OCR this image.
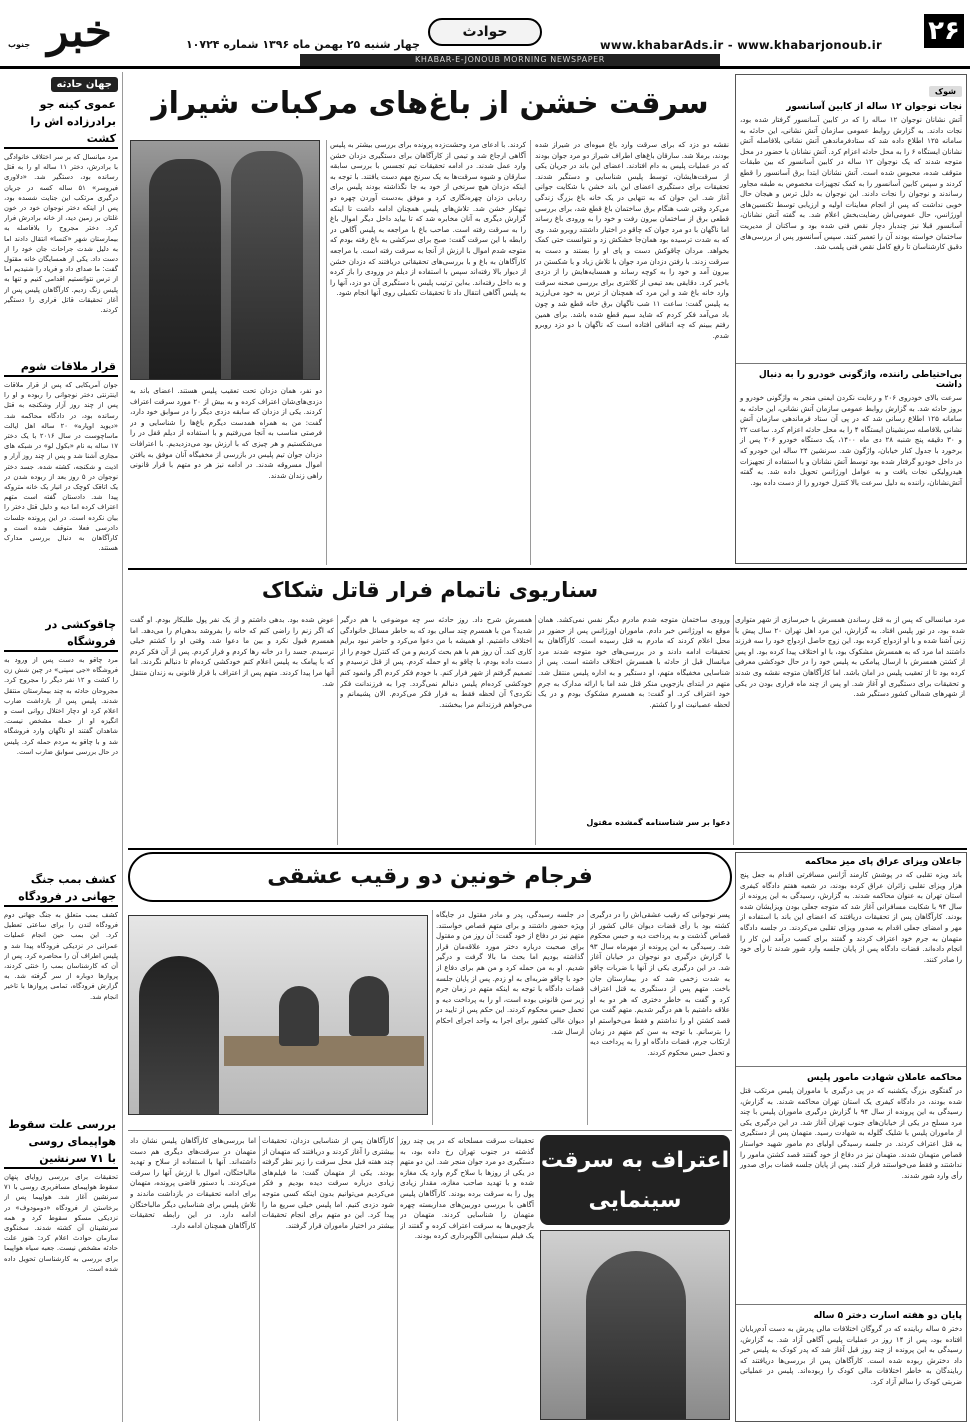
۲۶
www.khabarAds.ir - www.khabarjonoub.ir
حوادث
چهار شنبه ۲۵ بهمن ماه ۱۳۹۶ شماره ۱۰۷۲۴
خبر
جنوب
KHABAR-E-JONOUB MORNING NEWSPAPER
جهان حادثه
عموی کینه جو
برادرزاده اش را کشت
مرد میانسال که بر سر اختلاف خانوادگی با برادرش، دختر ۱۱ ساله او را به قتل رسانده بود، دستگیر شد. «دلاوری فیروسر» ۵۱ ساله کسه در جریان درگیری مرتکب این جنایت شسده بود، پس از اینکه دختر نوجوان خود در خون غلتان بر زمین دید، از خانه برادرش فرار کرد. دختر مجروح را بلافاصله به بیمارستان شهر «کنسا» انتقال دادند اما به دلیل شدت جراحات جان خود را از دست داد. یکی از همسایگان خانه مقتول گفت: ما صدای داد و فریاد را شنیدیم اما از ترس نتوانستیم اقدامی کنیم و تنها به پلیس زنگ زدیم. کارآگاهان پلیس پس از آغاز تحقیقات قاتل فراری را دستگیر کردند.
قرار ملاقات شوم
جوان آمریکایی که پس از قرار ملاقات اینترنتی دختر نوجوانی را ربوده و او را پس از چند روز آزار وشکنجه به قتل رسانده بود، در دادگاه محاکمه شد. «دیوید اوپاره» ۲۰ ساله اهل ایالت ماساچوست در سال ۲۰۱۶ با یک دختر ۱۷ ساله به نام «بکول لو» در شبکه های مجازی آشنا شد و پس از چند روز آزار و اذیت و شکنجه، کشته شده. جسد دختر نوجوان در ۵ روز بعد از ربوده شدن در یک اتاقک کوچک در انبار یک خانه متروکه پیدا شد. دادستان گفته است متهم اعتراف کرده اما دیه و دلیل قتل دختر را بیان نکرده است. در این پرونده جلسات دادرسی فعلا متوقف شده است و کارآگاهان به دنبال بررسی مدارک هستند.
چاقوکشی در
فروشگاه
مرد چاقو به دست پس از ورود به فروشگاه «جی سپنی» در چین شش زن را کشت و ۱۲ نفر دیگر را مجروح کرد. مجروحان حادثه به چند بیمارستان منتقل شدند. پلیس پس از بازداشت ضارب اعلام کرد او دچار اختلال روانی است و انگیزه او از حمله مشخص نیست. شاهدان گفتند او ناگهان وارد فروشگاه شد و با چاقو به مردم حمله کرد. پلیس در حال بررسی سوابق ضارب است.
کشف بمب جنگ
جهانی در فرودگاه
کشف بمب متعلق به جنگ جهانی دوم فرودگاه لندن را برای ساعتی تعطیل کرد. این بمب حین انجام عملیات عمرانی در نزدیکی فرودگاه پیدا شد و پلیس اطراف آن را محاصره کرد. پس از آن که کارشناسان بمب را خنثی کردند، پروازها دوباره از سر گرفته شد. به گزارش فرودگاه، تمامی پروازها با تاخیر انجام شد.
بررسی علت سقوط
هواپیمای روسی
با ۷۱ سرنشین
تحقیقات برای بررسی زوایای پنهان سقوط هواپیمای مسافربری روسی با ۷۱ سرنشین آغاز شد. هواپیما پس از برخاستن از فرودگاه «دومودوف» در نزدیکی مسکو سقوط کرد و همه سرنشینان آن کشته شدند. سخنگوی سازمان حوادث اعلام کرد: هنوز علت حادثه مشخص نیست. جعبه سیاه هواپیما برای بررسی به کارشناسان تحویل داده شده است.
سرقت خشن از باغ‌های مرکبات شیراز
نقشه دو دزد که برای سرقت وارد باغ میوه‌ای در شیراز شده بودند، برملا شد. سارقان باغ‌های اطراف شیراز دو مرد جوان بودند که در عملیات پلیس به دام افتادند. اعضای این باند در جریان یکی از سرقت‌هایشان، توسط پلیس شناسایی و دستگیر شدند. تحقیقات برای دستگیری اعضای این باند خشن با شکایت جوانی آغاز شد. این جوان که به تنهایی در یک خانه باغ بزرگ زندگی می‌کرد وقتی شب هنگام برق ساختمان باغ قطع شد، برای بررسی قطعی برق از ساختمان بیرون رفت و خود را به ورودی باغ رساند اما ناگهان با دو مرد جوان که چاقو در اختیار داشتند روبرو شد. وی که به شدت ترسیده بود همان‌جا خشکش زد و نتوانست حتی کمک بخواهد. مردان چاقوکش دست و پای او را بستند و دست به سرقت زدند. با رفتن دزدان مرد جوان با تلاش زیاد و با شکستن در بیرون آمد و خود را به کوچه رساند و همسایه‌هایش را از دزدی باخبر کرد. دقایقی بعد تیمی از کلانتری برای بررسی صحنه سرقت وارد خانه باغ شد و این مرد که همچنان از ترس به خود می‌لرزید به پلیس گفت: ساعت ۱۱ شب ناگهان برق خانه قطع شد و چون باد می‌آمد فکر کردم که شاید سیم قطع شده باشد. برای همین رفتم ببینم که چه اتفاقی افتاده است که ناگهان با دو دزد روبرو شدم.
کردند. با ادعای مرد وحشت‌زده پرونده برای بررسی بیشتر به پلیس آگاهی ارجاع شد و تیمی از کارآگاهان برای دستگیری دزدان خشن وارد عمل شدند. در ادامه تحقیقات تیم تجسس با بررسی سابقه سارقان و شیوه سرقت‌ها به یک سرنخ مهم دست یافتند. با توجه به اینکه دزدان هیچ سرنخی از خود به جا نگذاشته بودند پلیس برای ردیابی دزدان چهره‌نگاری کرد و موفق به‌دست آوردن چهره دو تبهکار خشن شد. تلاش‌های پلیس همچنان ادامه داشت تا اینکه گزارش دیگری به آنان مخابره شد که تا بیاید داخل دیگر اموال باغ را به سرقت رفته است. صاحب باغ با مراجعه به پلیس آگاهی در رابطه با این سرقت گفت: صبح برای سرکشی به باغ رفته بودم که متوجه شدم اموال با ارزش از آنجا به سرقت رفته است. با مراجعه کارآگاهان به باغ و با بررسی‌های تحقیقاتی دریافتند که دزدان خشن از دیوار بالا رفته‌اند سپس با استفاده از دیلم در ورودی را باز کرده و به داخل رفته‌اند. به‌این ترتیب پلیس با دستگیری آن دو دزد، آنها را به پلیس آگاهی انتقال داد تا تحقیقات تکمیلی روی آنها انجام شود.
دو نفر، همان دزدان تحت تعقیب پلیس هستند. اعضای باند به دزدی‌های‌شان اعتراف کرده و به بیش از ۲۰ مورد سرقت اعتراف کردند. یکی از دزدان که سابقه دزدی دیگر را در سوابق خود دارد، گفت: من به همراه همدست دیگرم باغ‌ها را شناسایی و در فرصتی مناسب به آنجا می‌رفتیم و با استفاده از دیلم قفل در را می‌شکستیم و هر چیزی که با ارزش بود می‌دزدیدیم. با اعترافات دزدان جوان تیم پلیس در بازرسی از مخفیگاه آنان موفق به یافتن اموال مسروقه شدند. در ادامه نیز هر دو متهم با قرار قانونی راهی زندان شدند.
شوک
نجات نوجوان ۱۲ ساله از کابین آسانسور
آتش نشانان نوجوان ۱۲ ساله را که در کابین آسانسور گرفتار شده بود، نجات دادند. به گزارش روابط عمومی سازمان آتش نشانی، این حادثه به سامانه ۱۲۵ اطلاع داده شد که ستادفرماندهی آتش نشانی بلافاصله آتش نشانان ایستگاه ۶ را به محل حادثه اعزام کرد. آتش نشانان با حضور در محل متوجه شدند که یک نوجوان ۱۲ ساله در کابین آسانسور که بین طبقات متوقف شده، محبوس شده است. آتش نشانان ابتدا برق آسانسور را قطع کردند و سپس کابین آسانسور را به کمک تجهیزات مخصوص به طبقه مجاور رساندند و نوجوان را نجات دادند. این نوجوان به دلیل ترس و هیجان حال خوبی نداشت که پس از انجام معاینات اولیه و ارزیابی توسط تکنسین‌های اورژانس، حال عمومی‌اش رضایت‌بخش اعلام شد. به گفته آتش نشانان، آسانسور قبلا نیز چندبار دچار نقص فنی شده بود و ساکنان از مدیریت ساختمان خواسته بودند آن را تعمیر کنند. سپس آسانسور پس از بررسی‌های دقیق کارشناسان تا رفع کامل نقص فنی پلمب شد.
بی‌احتیاطی راننده، واژگونی خودرو را به دنبال داشت
سرعت بالای خودروی ۲۰۶ و رعایت نکردن ایمنی منجر به واژگونی خودرو و بروز حادثه شد. به گزارش روابط عمومی سازمان آتش نشانی، این حادثه به سامانه ۱۲۵ اطلاع رسانی شد که در پی آن ستاد فرماندهی سازمان آتش نشانی بلافاصله سرنشینان ایستگاه ۴ را به محل حادثه اعزام کرد. ساعت ۲۲ و ۳۰ دقیقه پنج شنبه ۲۸ دی ماه ۱۴۰۰، یک دستگاه خودرو ۲۰۶ پس از برخورد با جدول کنار خیابان، واژگون شد. سرنشین ۲۴ ساله این خودرو که در داخل خودرو گرفتار شده بود توسط آتش نشانان و با استفاده از تجهیزات هیدرولیکی نجات یافت و به عوامل اورژانس تحویل داده شد. به گفته آتش‌نشانان، راننده به دلیل سرعت بالا کنترل خودرو را از دست داده بود.
سناریوی ناتمام فرار قاتل شکاک
مرد میانسالی که پس از به قتل رساندن همسرش با خبرسازی از شهر متواری شده بود، در تور پلیس افتاد. به گزارش، این مرد اهل تهران ۲۰ سال پیش با زنی آشنا شده و با او ازدواج کرده بود. این زوج حاصل ازدواج خود را سه فرزند داشتند اما مرد که به همسرش مشکوک بود، با او اختلاف پیدا کرده بود. او پس از کشتن همسرش با ارسال پیامکی به پلیس خود را در حال خودکشی معرفی کرده بود تا از تعقیب پلیس در امان باشد. اما کارآگاهان متوجه نقشه وی شدند و تحقیقات برای دستگیری او آغاز شد. او پس از چند ماه فراری بودن در یکی از شهرهای شمالی کشور دستگیر شد.
ورودی ساختمان متوجه شدم مادرم دیگر نفس نمی‌کشد. همان موقع به اورژانس خبر دادم. ماموران اورژانس پس از حضور در محل اعلام کردند که مادرم به قتل رسیده است. کارآگاهان به تحقیقات ادامه دادند و در بررسی‌های خود متوجه شدند مرد میانسال قبل از حادثه با همسرش اختلاف داشته است. پس از شناسایی مخفیگاه متهم، او دستگیر و به اداره پلیس منتقل شد. متهم در ابتدای بازجویی منکر قتل شد اما با ارائه مدارک به جرم خود اعتراف کرد. او گفت: به همسرم مشکوک بودم و در یک لحظه عصبانیت او را کشتم.
دعوا بر سر شناسنامه گمشده مقتول
همسرش شرح داد. روز حادثه سر چه موضوعی با هم درگیر شدید؟ من با همسرم چند سالی بود که به خاطر مسائل خانوادگی اختلاف داشتیم. او همیشه با من دعوا می‌کرد و حاضر نبود برایم کاری کند. آن روز هم با هم بحث کردیم و من که کنترل خودم را از دست داده بودم، با چاقو به او حمله کردم. پس از قتل ترسیدم و تصمیم گرفتم از شهر فرار کنم. با خودم فکر کردم اگر وانمود کنم خودکشی کرده‌ام پلیس دنبالم نمی‌گردد. چرا به فرزندانت فکر نکردی؟ آن لحظه فقط به فرار فکر می‌کردم. الان پشیمانم و می‌خواهم فرزندانم مرا ببخشند.
عوض شده بود. بدهی داشتم و از یک نفر پول طلبکار بودم. او گفت که اگر زنم را راضی کنم که خانه را بفروشد بدهی‌ام را می‌دهد. اما همسرم قبول نکرد و بین ما دعوا شد. وقتی او را کشتم خیلی ترسیدم. جسد را در خانه رها کردم و فرار کردم. پس از آن فکر کردم که با پیامک به پلیس اعلام کنم خودکشی کرده‌ام تا دنبالم نگردند. اما آنها مرا پیدا کردند. متهم پس از اعتراف با قرار قانونی به زندان منتقل شد.
جاعلان ویزای عراق پای میز محاکمه
باند ویزه تقلبی که در پوشش کارمند آژانس مسافرتی اقدام به جعل پنج هزار ویزای تقلبی زائران عراق کرده بودند، در شعبه هفتم دادگاه کیفری استان تهران به عنوان محاکمه شدند. به گزارش، رسیدگی به این پرونده از سال ۹۴ با شکایت مسافرانی آغاز شد که متوجه جعلی بودن ویزایشان شده بودند. کارآگاهان پس از تحقیقات دریافتند که اعضای این باند با استفاده از مهر و امضای جعلی اقدام به صدور ویزای تقلبی می‌کردند. در جلسه دادگاه متهمان به جرم خود اعتراف کردند و گفتند برای کسب درآمد این کار را انجام داده‌اند. قضات دادگاه پس از پایان جلسه وارد شور شدند تا رأی خود را صادر کنند.
محاکمه عاملان شهادت مامور پلیس
در گفتگوی بزرگ یکشنبه که در پی درگیری با ماموران پلیس مرتکب قتل شده بودند، در دادگاه کیفری یک استان تهران محاکمه شدند. به گزارش، رسیدگی به این پرونده از سال ۹۴ با گزارش درگیری ماموران پلیس با چند مرد مسلح در یکی از خیابان‌های جنوب تهران آغاز شد. در این درگیری یکی از ماموران پلیس با شلیک گلوله به شهادت رسید. متهمان پس از دستگیری به قتل اعتراف کردند. در جلسه رسیدگی اولیای دم مامور شهید خواستار قصاص متهمان شدند. متهمان نیز در دفاع از خود گفتند قصد کشتن مامور را نداشتند و فقط می‌خواستند فرار کنند. پس از پایان جلسه قضات برای صدور رأی وارد شور شدند.
پایان دو هفته اسارت دختر ۵ ساله
دختر ۵ ساله رباینده که در گروگان اختلافات مالی پدرش به دست آدم‌ربایان افتاده بود، پس از ۱۴ روز در عملیات پلیس آگاهی آزاد شد. به گزارش، رسیدگی به این پرونده از چند روز قبل آغاز شد که پدر کودک به پلیس خبر داد دخترش ربوده شده است. کارآگاهان پس از بررسی‌ها دریافتند که ربایندگان به خاطر اختلافات مالی کودک را ربوده‌اند. پلیس در عملیاتی ضربتی کودک را سالم آزاد کرد.
فرجام خونین دو رقیب عشقی
پسر نوجوانی که رقیب عشقی‌اش را در درگیری کشته بود با رأی قضات دیوان عالی کشور از قصاص گذشت و به پرداخت دیه و حبس محکوم شد. رسیدگی به این پرونده از مهرماه سال ۹۳ با گزارش درگیری دو نوجوان در خیابان آغاز شد. در این درگیری یکی از آنها با ضربات چاقو به شدت زخمی شد که در بیمارستان جان باخت. متهم پس از دستگیری به قتل اعتراف کرد و گفت به خاطر دختری که هر دو به او علاقه داشتیم با هم درگیر شدیم. متهم گفت من قصد کشتن او را نداشتم و فقط می‌خواستم او را بترسانم. با توجه به سن کم متهم در زمان ارتکاب جرم، قضات دادگاه او را به پرداخت دیه و تحمل حبس محکوم کردند.
در جلسه رسیدگی، پدر و مادر مقتول در جایگاه ویژه حضور داشتند و برای متهم قصاص خواستند. متهم نیز در دفاع از خود گفت: آن روز من و مقتول برای صحبت درباره دختر مورد علاقه‌مان قرار گذاشته بودیم اما بحث ما بالا گرفت و درگیر شدیم. او به من حمله کرد و من هم برای دفاع از خود با چاقو ضربه‌ای به او زدم. پس از پایان جلسه قضات دادگاه با توجه به اینکه متهم در زمان جرم زیر سن قانونی بوده است، او را به پرداخت دیه و تحمل حبس محکوم کردند. این حکم پس از تایید در دیوان عالی کشور برای اجرا به واحد اجرای احکام ارسال شد.
اعتراف به سرقت سینمایی
تحقیقات سرقت مسلحانه که در پی چند روز گذشته در جنوب تهران رخ داده بود، به دستگیری دو مرد جوان منجر شد. این دو متهم در یکی از روزها با سلاح گرم وارد یک مغازه شده و با تهدید صاحب مغازه، مقدار زیادی پول را به سرقت برده بودند. کارآگاهان پلیس آگاهی با بررسی دوربین‌های مداربسته چهره متهمان را شناسایی کردند. متهمان در بازجویی‌ها به سرقت اعتراف کرده و گفتند از یک فیلم سینمایی الگوبرداری کرده بودند.
کارآگاهان پس از شناسایی دزدان، تحقیقات بیشتری را آغاز کردند و دریافتند که متهمان از چند هفته قبل محل سرقت را زیر نظر گرفته بودند. یکی از متهمان گفت: ما فیلم‌های زیادی درباره سرقت دیده بودیم و فکر می‌کردیم می‌توانیم بدون اینکه کسی متوجه شود دزدی کنیم. اما پلیس خیلی سریع ما را پیدا کرد. این دو متهم برای انجام تحقیقات بیشتر در اختیار ماموران قرار گرفتند.
اما بررسی‌های کارآگاهان پلیس نشان داد متهمان در سرقت‌های دیگری هم دست داشته‌اند. آنها با استفاده از سلاح و تهدید مالباختگان، اموال با ارزش آنها را سرقت می‌کردند. با دستور قاضی پرونده، متهمان برای ادامه تحقیقات در بازداشت ماندند و تلاش پلیس برای شناسایی دیگر مالباختگان ادامه دارد. در این رابطه تحقیقات کارآگاهان همچنان ادامه دارد.
